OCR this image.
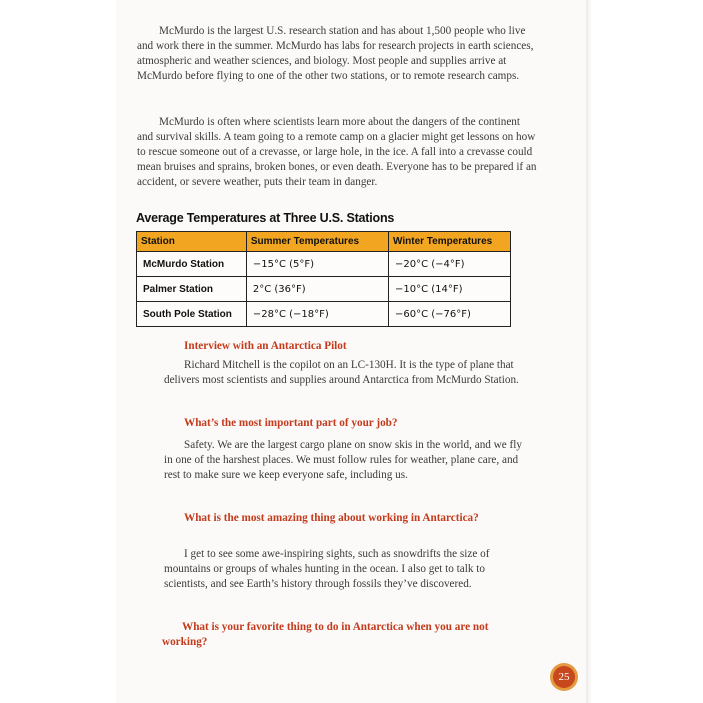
McMurdo is the largest U.S. research station and has about 1,500 people who live and work there in the summer. McMurdo has labs for research projects in earth sciences, atmospheric and weather sciences, and biology. Most people and supplies arrive at McMurdo before flying to one of the other two stations, or to remote research camps.

McMurdo is often where scientists learn more about the dangers of the continent and survival skills. A team going to a remote camp on a glacier might get lessons on how to rescue someone out of a crevasse, or large hole, in the ice. A fall into a crevasse could mean bruises and sprains, broken bones, or even death. Everyone has to be prepared if an accident, or severe weather, puts their team in danger.

Average Temperatures at Three U.S. Stations
Station	Summer Temperatures	Winter Temperatures
McMurdo Station	−15°C (5°F)	−20°C (−4°F)
Palmer Station	2°C (36°F)	−10°C (14°F)
South Pole Station	−28°C (−18°F)	−60°C (−76°F)

Interview with an Antarctica Pilot

Richard Mitchell is the copilot on an LC-130H. It is the type of plane that delivers most scientists and supplies around Antarctica from McMurdo Station.

What’s the most important part of your job?

Safety. We are the largest cargo plane on snow skis in the world, and we fly in one of the harshest places. We must follow rules for weather, plane care, and rest to make sure we keep everyone safe, including us.

What is the most amazing thing about working in Antarctica?

I get to see some awe-inspiring sights, such as snowdrifts the size of mountains or groups of whales hunting in the ocean. I also get to talk to scientists, and see Earth’s history through fossils they’ve discovered.

What is your favorite thing to do in Antarctica when you are not working?

25
